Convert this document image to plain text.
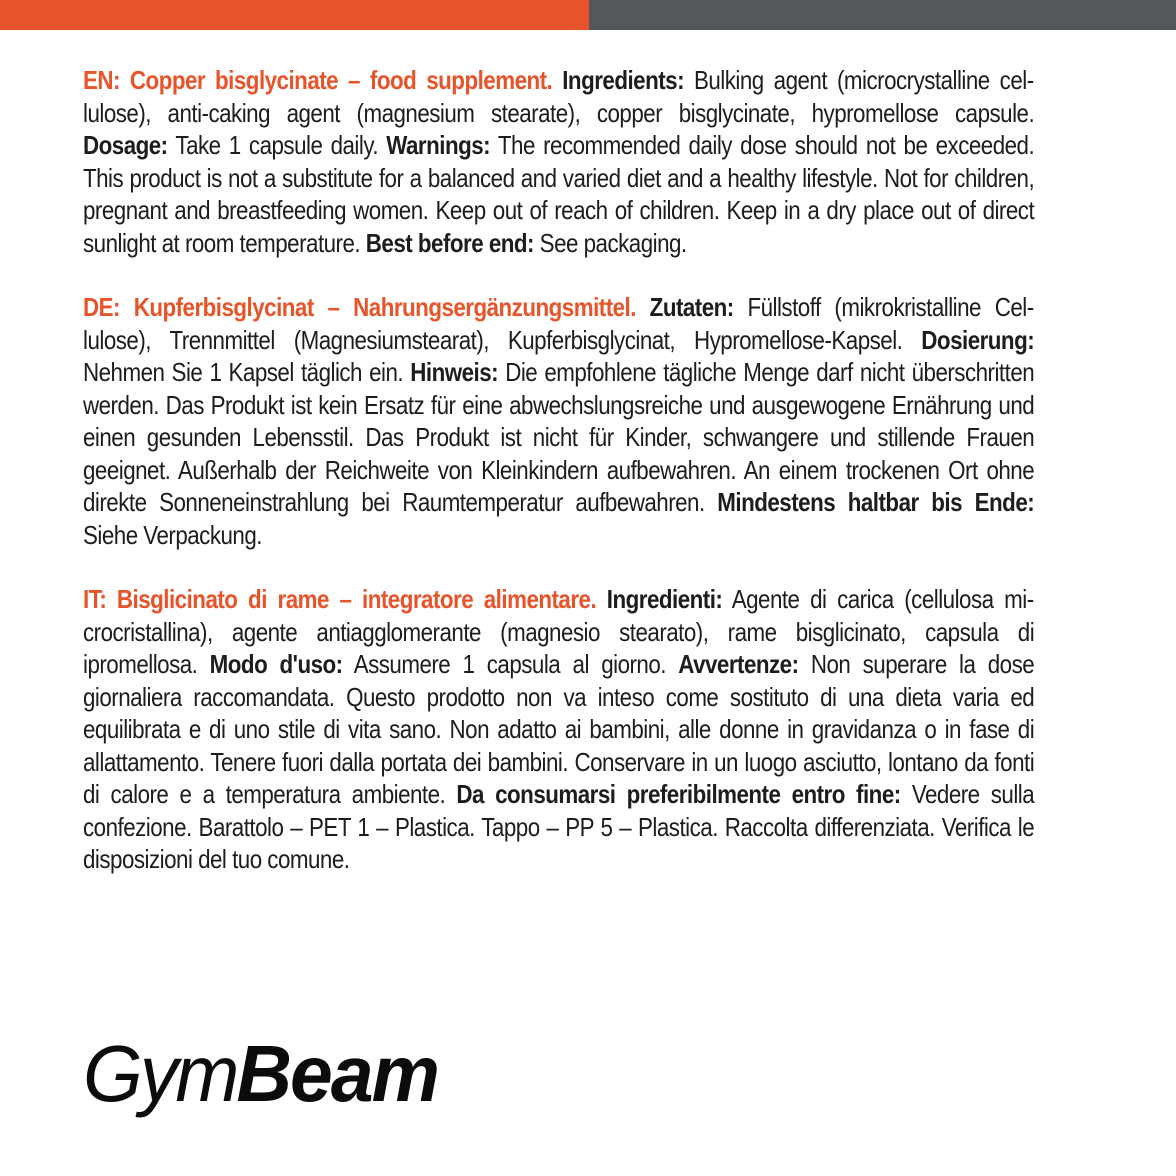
EN: Copper bisglycinate – food supplement. Ingredients: Bulking agent (microcrystalline cellulose), anti-caking agent (magnesium stearate), copper bisglycinate, hypromellose capsule. Dosage: Take 1 capsule daily. Warnings: The recommended daily dose should not be exceeded. This product is not a substitute for a balanced and varied diet and a healthy lifestyle. Not for children, pregnant and breastfeeding women. Keep out of reach of children. Keep in a dry place out of direct sunlight at room temperature. Best before end: See packaging.

DE: Kupferbisglycinat – Nahrungsergänzungsmittel. Zutaten: Füllstoff (mikrokristalline Cellulose), Trennmittel (Magnesiumstearat), Kupferbisglycinat, Hypromellose-Kapsel. Dosierung: Nehmen Sie 1 Kapsel täglich ein. Hinweis: Die empfohlene tägliche Menge darf nicht überschritten werden. Das Produkt ist kein Ersatz für eine abwechslungsreiche und ausgewogene Ernährung und einen gesunden Lebensstil. Das Produkt ist nicht für Kinder, schwangere und stillende Frauen geeignet. Außerhalb der Reichweite von Kleinkindern aufbewahren. An einem trockenen Ort ohne direkte Sonneneinstrahlung bei Raumtemperatur aufbewahren. Mindestens haltbar bis Ende: Siehe Verpackung.

IT: Bisglicinato di rame – integratore alimentare. Ingredienti: Agente di carica (cellulosa microcristallina), agente antiagglomerante (magnesio stearato), rame bisglicinato, capsula di ipromellosa. Modo d'uso: Assumere 1 capsula al giorno. Avvertenze: Non superare la dose giornaliera raccomandata. Questo prodotto non va inteso come sostituto di una dieta varia ed equilibrata e di uno stile di vita sano. Non adatto ai bambini, alle donne in gravidanza o in fase di allattamento. Tenere fuori dalla portata dei bambini. Conservare in un luogo asciutto, lontano da fonti di calore e a temperatura ambiente. Da consumarsi preferibilmente entro fine: Vedere sulla confezione. Barattolo – PET 1 – Plastica. Tappo – PP 5 – Plastica. Raccolta differenziata. Verifica le disposizioni del tuo comune.

Gym Beam
